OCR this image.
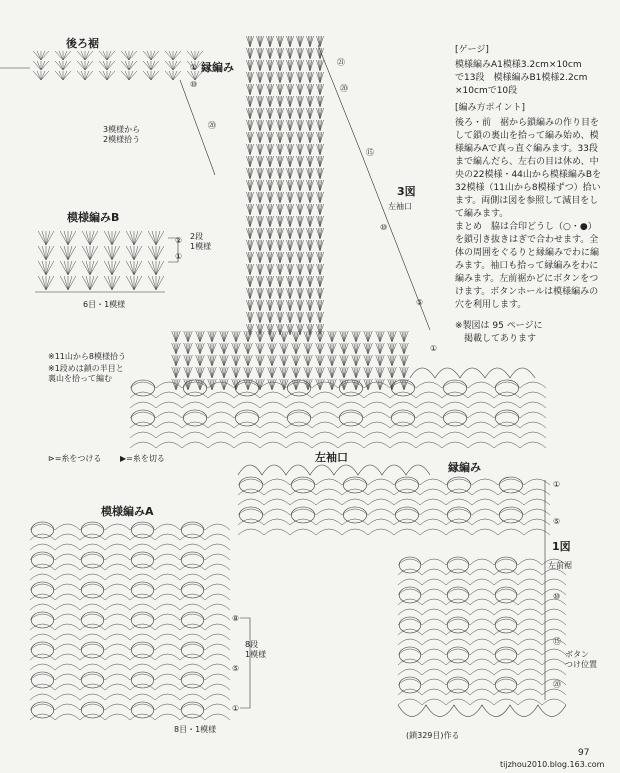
後ろ裾
縁編み
①
⑩
⑳
3模様から
2模様拾う
模様編みB
②
①
2段
1模様
6目・1模様
※11山から8模様拾う
※1段めは鎖の半目と
裏山を拾って編む
⊳=糸をつける ▶=糸を切る
3図
左袖口
㉑
⑳
⑮
⑩
⑤
①
左袖口
縁編み
模様編みA
⑧
⑤
①
8段
1模様
8目・1模様
1図
左前裾
①
⑤
⑩
⑮
⑳
ボタン
つけ位置
(鎖329目)作る
[ゲージ]

模様編みA1模様3.2cm×10cm
で13段　模様編みB1模様2.2cm
×10cmで10段

[編み方ポイント]

後ろ・前　裾から鎖編みの作り目をして鎖の裏山を拾って編み始め、模様編みAで真っ直ぐ編みます。33段まで編んだら、左右の目は休め、中央の22模様・44山から模様編みBを32模様（11山から8模様ずつ）拾います。両側は図を参照して減目をして編みます。
まとめ　脇は合印どうし（○・●）を鎖引き抜きはぎで合わせます。全体の周囲をぐるりと縁編みでわに編みます。袖口も拾って縁編みをわに編みます。左前裾かどにボタンをつけます。ボタンホールは模様編みの穴を利用します。

※製図は 95 ページに
　掲載してあります

97
tijzhou2010.blog.163.com
